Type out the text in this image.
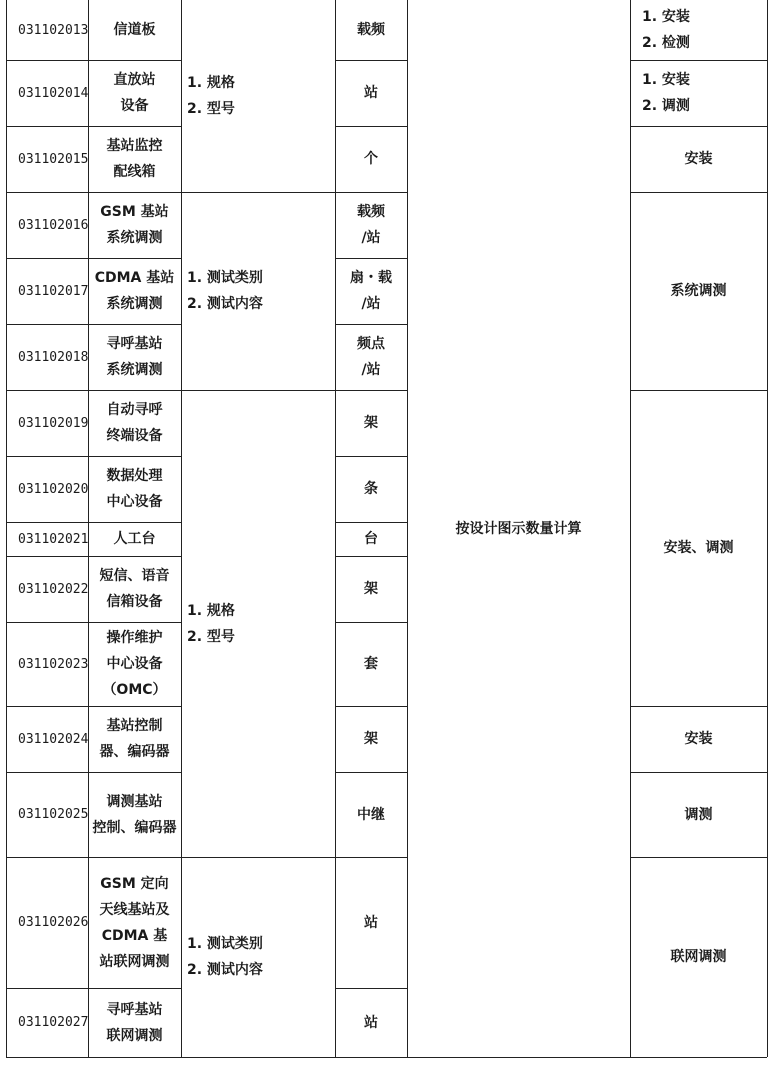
031102013 信道板	载频
031102014
直放站
设备
站
031102015
基站监控
配线箱
个
031102016
GSM 基站
系统调测
载频
/站
031102017
CDMA 基站
系统调测
扇・载
/站
031102018
寻呼基站
系统调测
频点
/站
031102019
自动寻呼
终端设备
架
031102020
数据处理
中心设备
条
031102021 人工台	台
031102022
短信、语音
信箱设备
架
031102023
操作维护
中心设备
（OMC）
套
031102024
基站控制
器、编码器
架
031102025
调测基站
控制、编码器
中继
031102026
GSM 定向
天线基站及
CDMA 基
站联网调测
站
031102027
寻呼基站
联网调测
站
1. 规格
2. 型号
1. 测试类别
2. 测试内容
1. 规格
2. 型号
1. 测试类别
2. 测试内容
按设计图示数量计算
1. 安装
2. 检测
1. 安装
2. 调测
安装
系统调测
安装、调测
安装
调测
联网调测
